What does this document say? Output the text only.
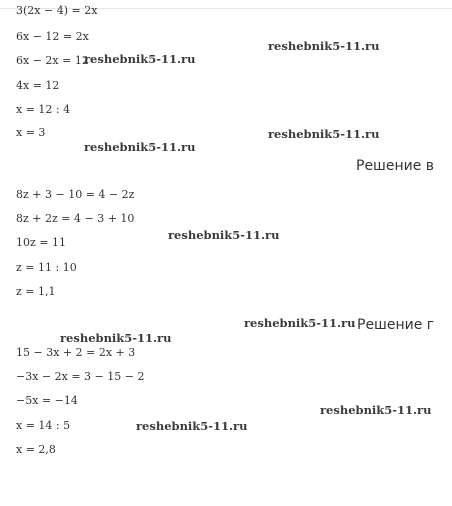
3(2x − 4) = 2x
6x − 12 = 2x
6x − 2x = 12
4x = 12
x = 12 : 4
x = 3
Решение в
8z + 3 − 10 = 4 − 2z
8z + 2z = 4 − 3 + 10
10z = 11
z = 11 : 10
z = 1,1
Решение г
15 − 3x + 2 = 2x + 3
−3x − 2x = 3 − 15 − 2
−5x = −14
x = 14 : 5
x = 2,8
reshebnik5-11.ru
reshebnik5-11.ru
reshebnik5-11.ru
reshebnik5-11.ru
reshebnik5-11.ru
reshebnik5-11.ru
reshebnik5-11.ru
reshebnik5-11.ru
reshebnik5-11.ru
